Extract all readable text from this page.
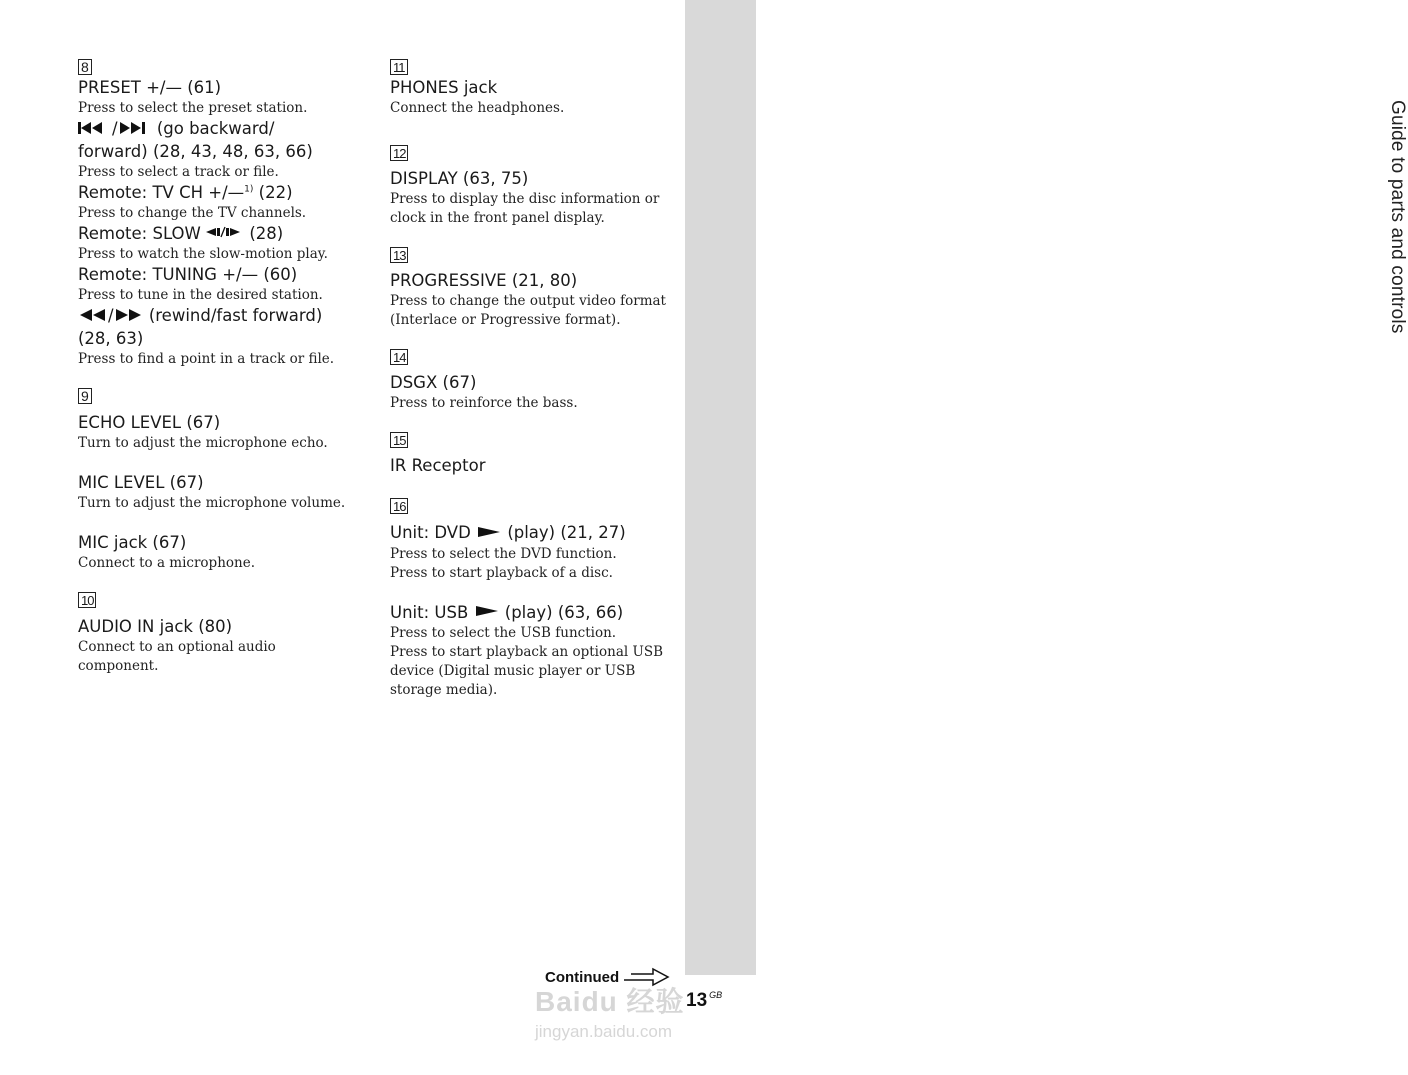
Guide to parts and controls
8

PRESET +/— (61)

Press to select the preset station.

/ (go backward/

forward) (28, 43, 48, 63, 66)

Press to select a track or file.

Remote: TV CH +/—$^{1)}$ (22)

Press to change the TV channels.

Remote: SLOW	(28)

Press to watch the slow-motion play.

Remote: TUNING +/— (60)

Press to tune in the desired station.

/ (rewind/fast forward)

(28, 63)

Press to find a point in a track or file.

9

ECHO LEVEL (67)

Turn to adjust the microphone echo.

MIC LEVEL (67)

Turn to adjust the microphone volume.

MIC jack (67)

Connect to a microphone.

10

AUDIO IN jack (80)

Connect to an optional audio

component.

11

PHONES jack

Connect the headphones.

12

DISPLAY (63, 75)

Press to display the disc information or

clock in the front panel display.

13

PROGRESSIVE (21, 80)

Press to change the output video format

(Interlace or Progressive format).

14

DSGX (67)

Press to reinforce the bass.

15

IR Receptor

16

Unit: DVD (play) (21, 27)

Press to select the DVD function.

Press to start playback of a disc.

Unit: USB (play) (63, 66)

Press to select the USB function.

Press to start playback an optional USB

device (Digital music player or USB

storage media).

Continued
13 $^{GB}$
Baidu 经验
jingyan.baidu.com
